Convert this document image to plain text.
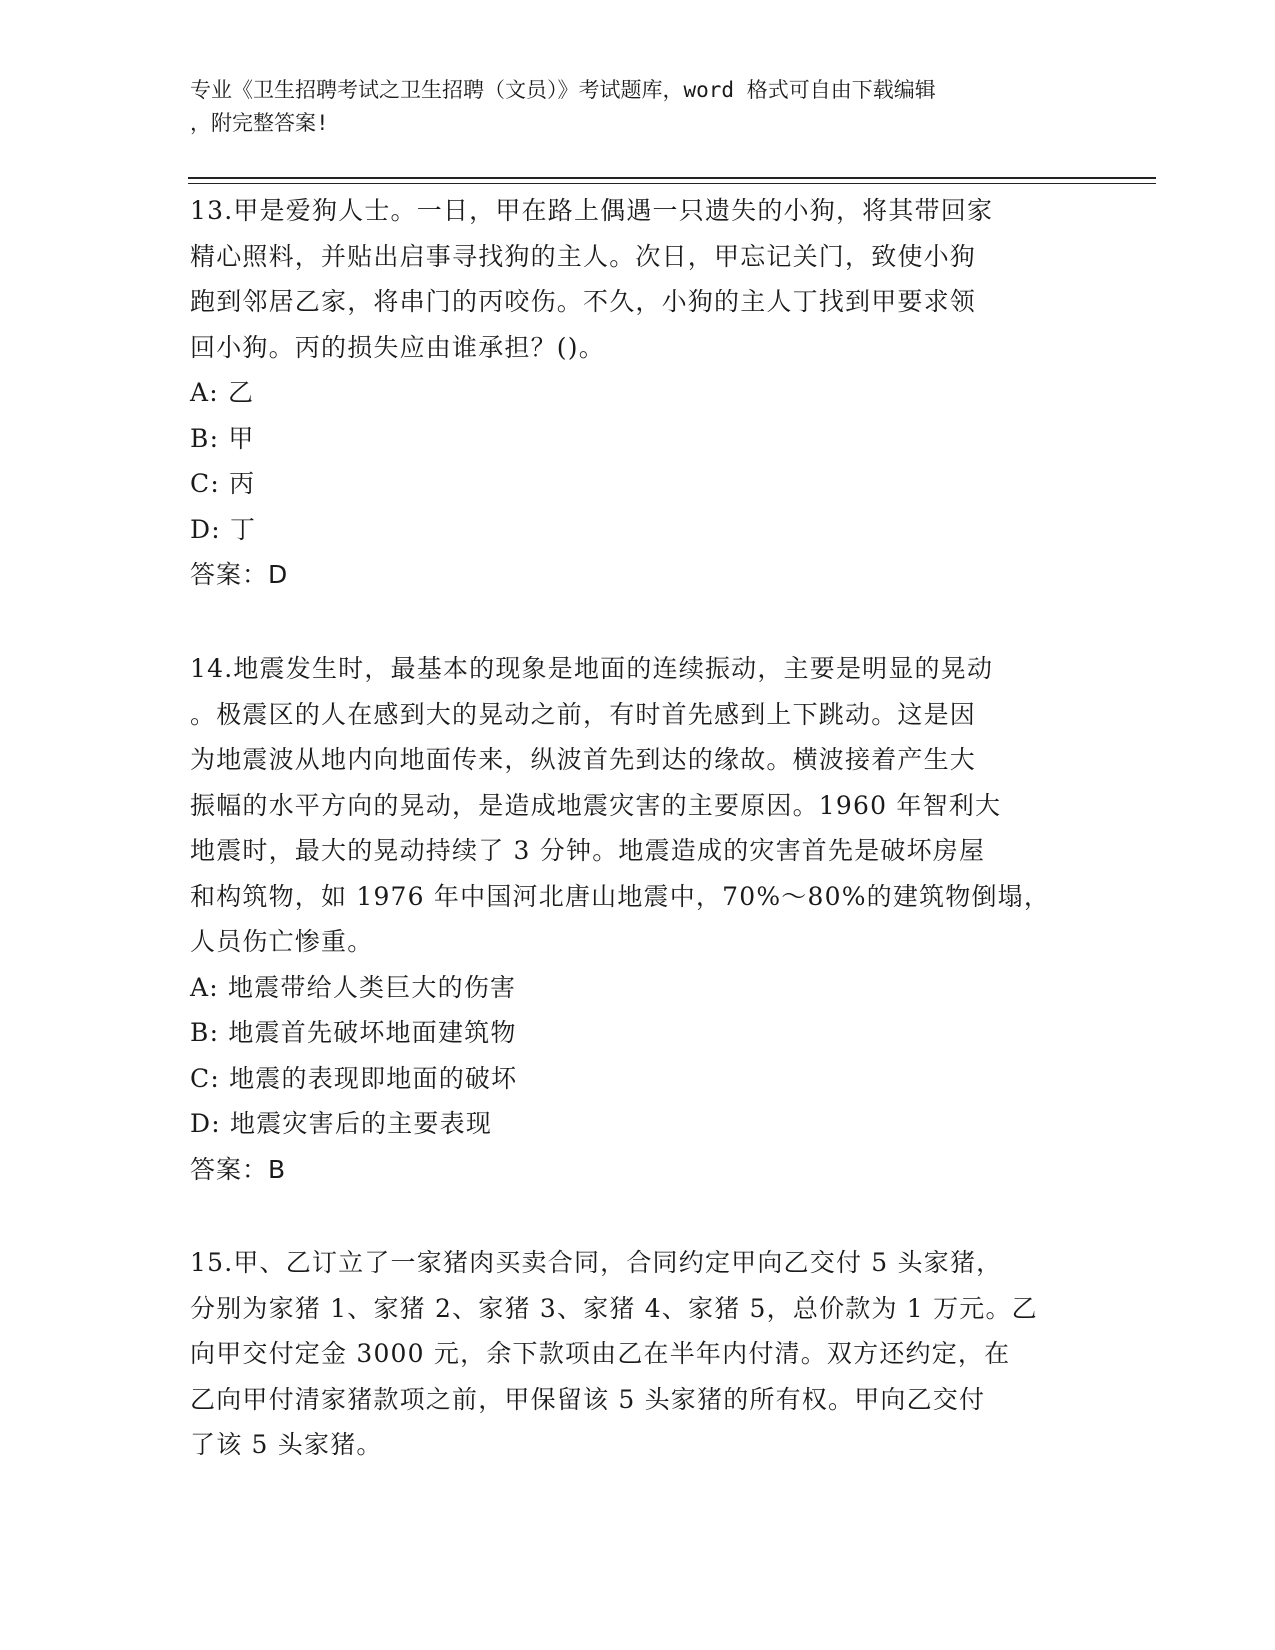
专业《卫生招聘考试之卫生招聘（文员）》考试题库，word 格式可自由下载编辑
，附完整答案!
13.甲是爱狗人士。一日，甲在路上偶遇一只遗失的小狗，将其带回家
精心照料，并贴出启事寻找狗的主人。次日，甲忘记关门，致使小狗
跑到邻居乙家，将串门的丙咬伤。不久，小狗的主人丁找到甲要求领
回小狗。丙的损失应由谁承担？()。
A: 乙
B: 甲
C: 丙
D: 丁
答案：D
14.地震发生时，最基本的现象是地面的连续振动，主要是明显的晃动
。极震区的人在感到大的晃动之前，有时首先感到上下跳动。这是因
为地震波从地内向地面传来，纵波首先到达的缘故。横波接着产生大
振幅的水平方向的晃动，是造成地震灾害的主要原因。1960 年智利大
地震时，最大的晃动持续了 3 分钟。地震造成的灾害首先是破坏房屋
和构筑物，如 1976 年中国河北唐山地震中，70%～80%的建筑物倒塌，
人员伤亡惨重。
A: 地震带给人类巨大的伤害
B: 地震首先破坏地面建筑物
C: 地震的表现即地面的破坏
D: 地震灾害后的主要表现
答案：B
15.甲、乙订立了一家猪肉买卖合同，合同约定甲向乙交付 5 头家猪，
分别为家猪 1、家猪 2、家猪 3、家猪 4、家猪 5，总价款为 1 万元。乙
向甲交付定金 3000 元，余下款项由乙在半年内付清。双方还约定，在
乙向甲付清家猪款项之前，甲保留该 5 头家猪的所有权。甲向乙交付
了该 5 头家猪。
